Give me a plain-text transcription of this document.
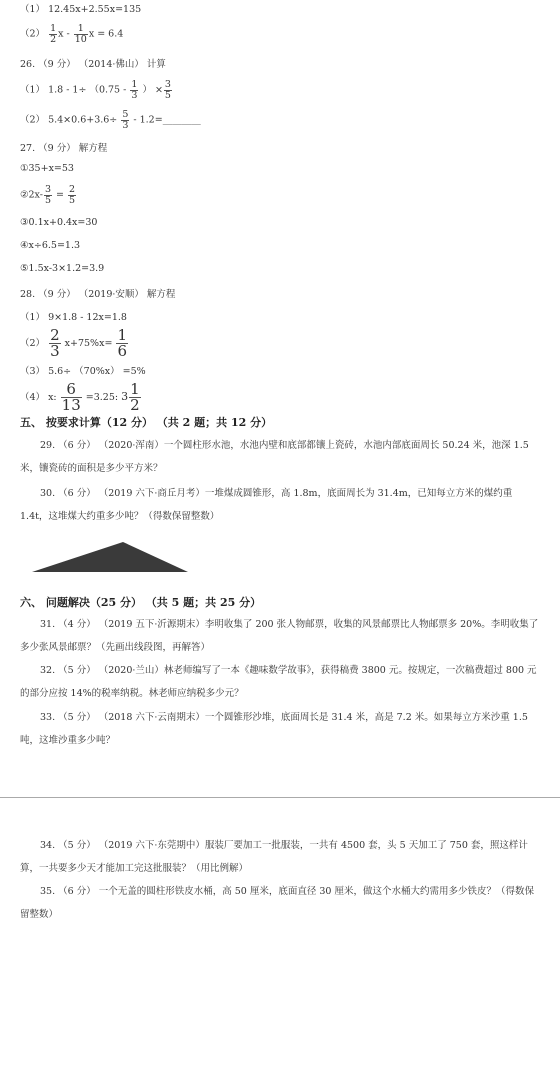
（1） 12.45x+2.55x=135
$(2) \frac{1}{2}$ x - $\frac{1}{10}$ x = 6.4
26. （9 分） （2014·佛山） 计算
（1） $1.8 - 1\div (0.75 - \frac{1}{3}$ ） × $\frac{3}{5}$
（2） $5.4\times 0.6+3.6\div \frac{5}{3}$ - 1.2=________
27. （9 分） 解方程
①35+x=53
②2x- $\frac{3}{5} = \frac{2}{5}$
③0.1x+0.4x=30
④x÷6.5=1.3
⑤1.5x-3×1.2=3.9
28. （9 分） （2019·安顺） 解方程
（1） 9×1.8 - 12x=1.8
$(2) \frac{2}{3} x+75\%x= \frac{1}{6}$
（3） 5.6÷ （70%x） =5%
（4） x: $\frac{6}{13} =3.25$: $3 \frac{1}{2}$
五、 按要求计算（12 分） （共 2 题；共 12 分）
29. （6 分） （2020·浑南）一个圆柱形水池，水池内壁和底部都镶上瓷砖，水池内部底面周长 50.24 米，池深 1.5 米，镶瓷砖的面积是多少平方米？
30. （6 分） （2019 六下·商丘月考）一堆煤成圆锥形，高 1.8m，底面周长为 31.4m，已知每立方米的煤约重 1.4t，这堆煤大约重多少吨？（得数保留整数）
六、 问题解决（25 分） （共 5 题；共 25 分）
31. （4 分） （2019 五下·沂源期末）李明收集了 200 张人物邮票，收集的风景邮票比人物邮票多 20%。李明收集了多少张风景邮票？（先画出线段图，再解答）
32. （5 分） （2020·兰山）林老师编写了一本《趣味数学故事》，获得稿费 3800 元。按规定，一次稿费超过 800 元的部分应按 14%的税率纳税。林老师应纳税多少元？
33. （5 分） （2018 六下·云南期末）一个圆锥形沙堆，底面周长是 31.4 米，高是 7.2 米。如果每立方米沙重 1.5 吨，这堆沙重多少吨？
34. （5 分） （2019 六下·东莞期中）服装厂要加工一批服装，一共有 4500 套，头 5 天加工了 750 套，照这样计算，一共要多少天才能加工完这批服装？（用比例解）
35. （6 分） 一个无盖的圆柱形铁皮水桶，高 50 厘米，底面直径 30 厘米，做这个水桶大约需用多少铁皮？（得数保留整数）
